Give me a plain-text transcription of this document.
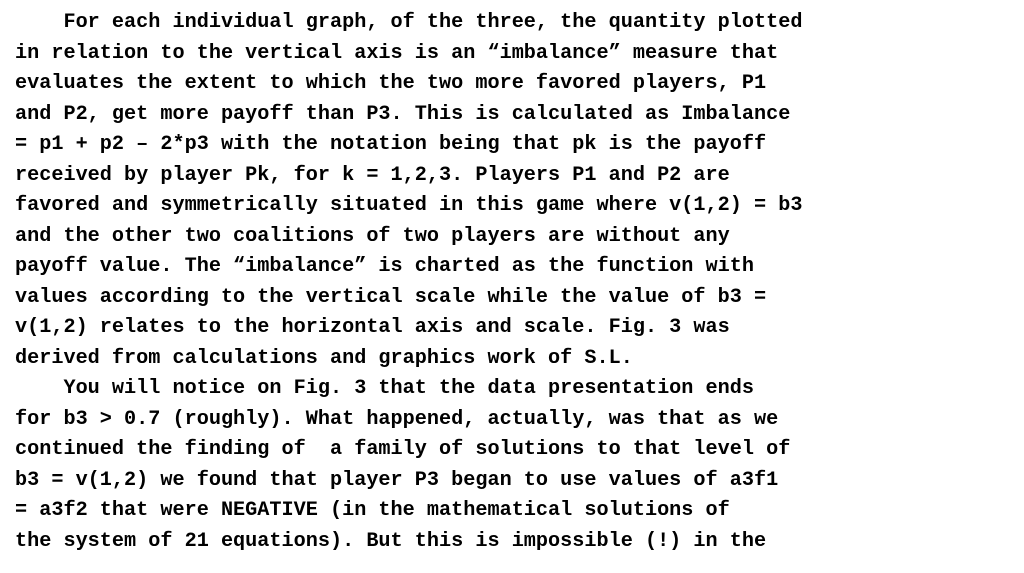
For each individual graph, of the three, the quantity plotted
in relation to the vertical axis is an “imbalance” measure that
evaluates the extent to which the two more favored players, P1
and P2, get more payoff than P3. This is calculated as Imbalance
= p1 + p2 – 2*p3 with the notation being that pk is the payoff
received by player Pk, for k = 1,2,3. Players P1 and P2 are
favored and symmetrically situated in this game where v(1,2) = b3
and the other two coalitions of two players are without any
payoff value. The “imbalance” is charted as the function with
values according to the vertical scale while the value of b3 =
v(1,2) relates to the horizontal axis and scale. Fig. 3 was
derived from calculations and graphics work of S.L.
You will notice on Fig. 3 that the data presentation ends
for b3 > 0.7 (roughly). What happened, actually, was that as we
continued the finding of  a family of solutions to that level of
b3 = v(1,2) we found that player P3 began to use values of a3f1
= a3f2 that were NEGATIVE (in the mathematical solutions of
the system of 21 equations). But this is impossible (!) in the
